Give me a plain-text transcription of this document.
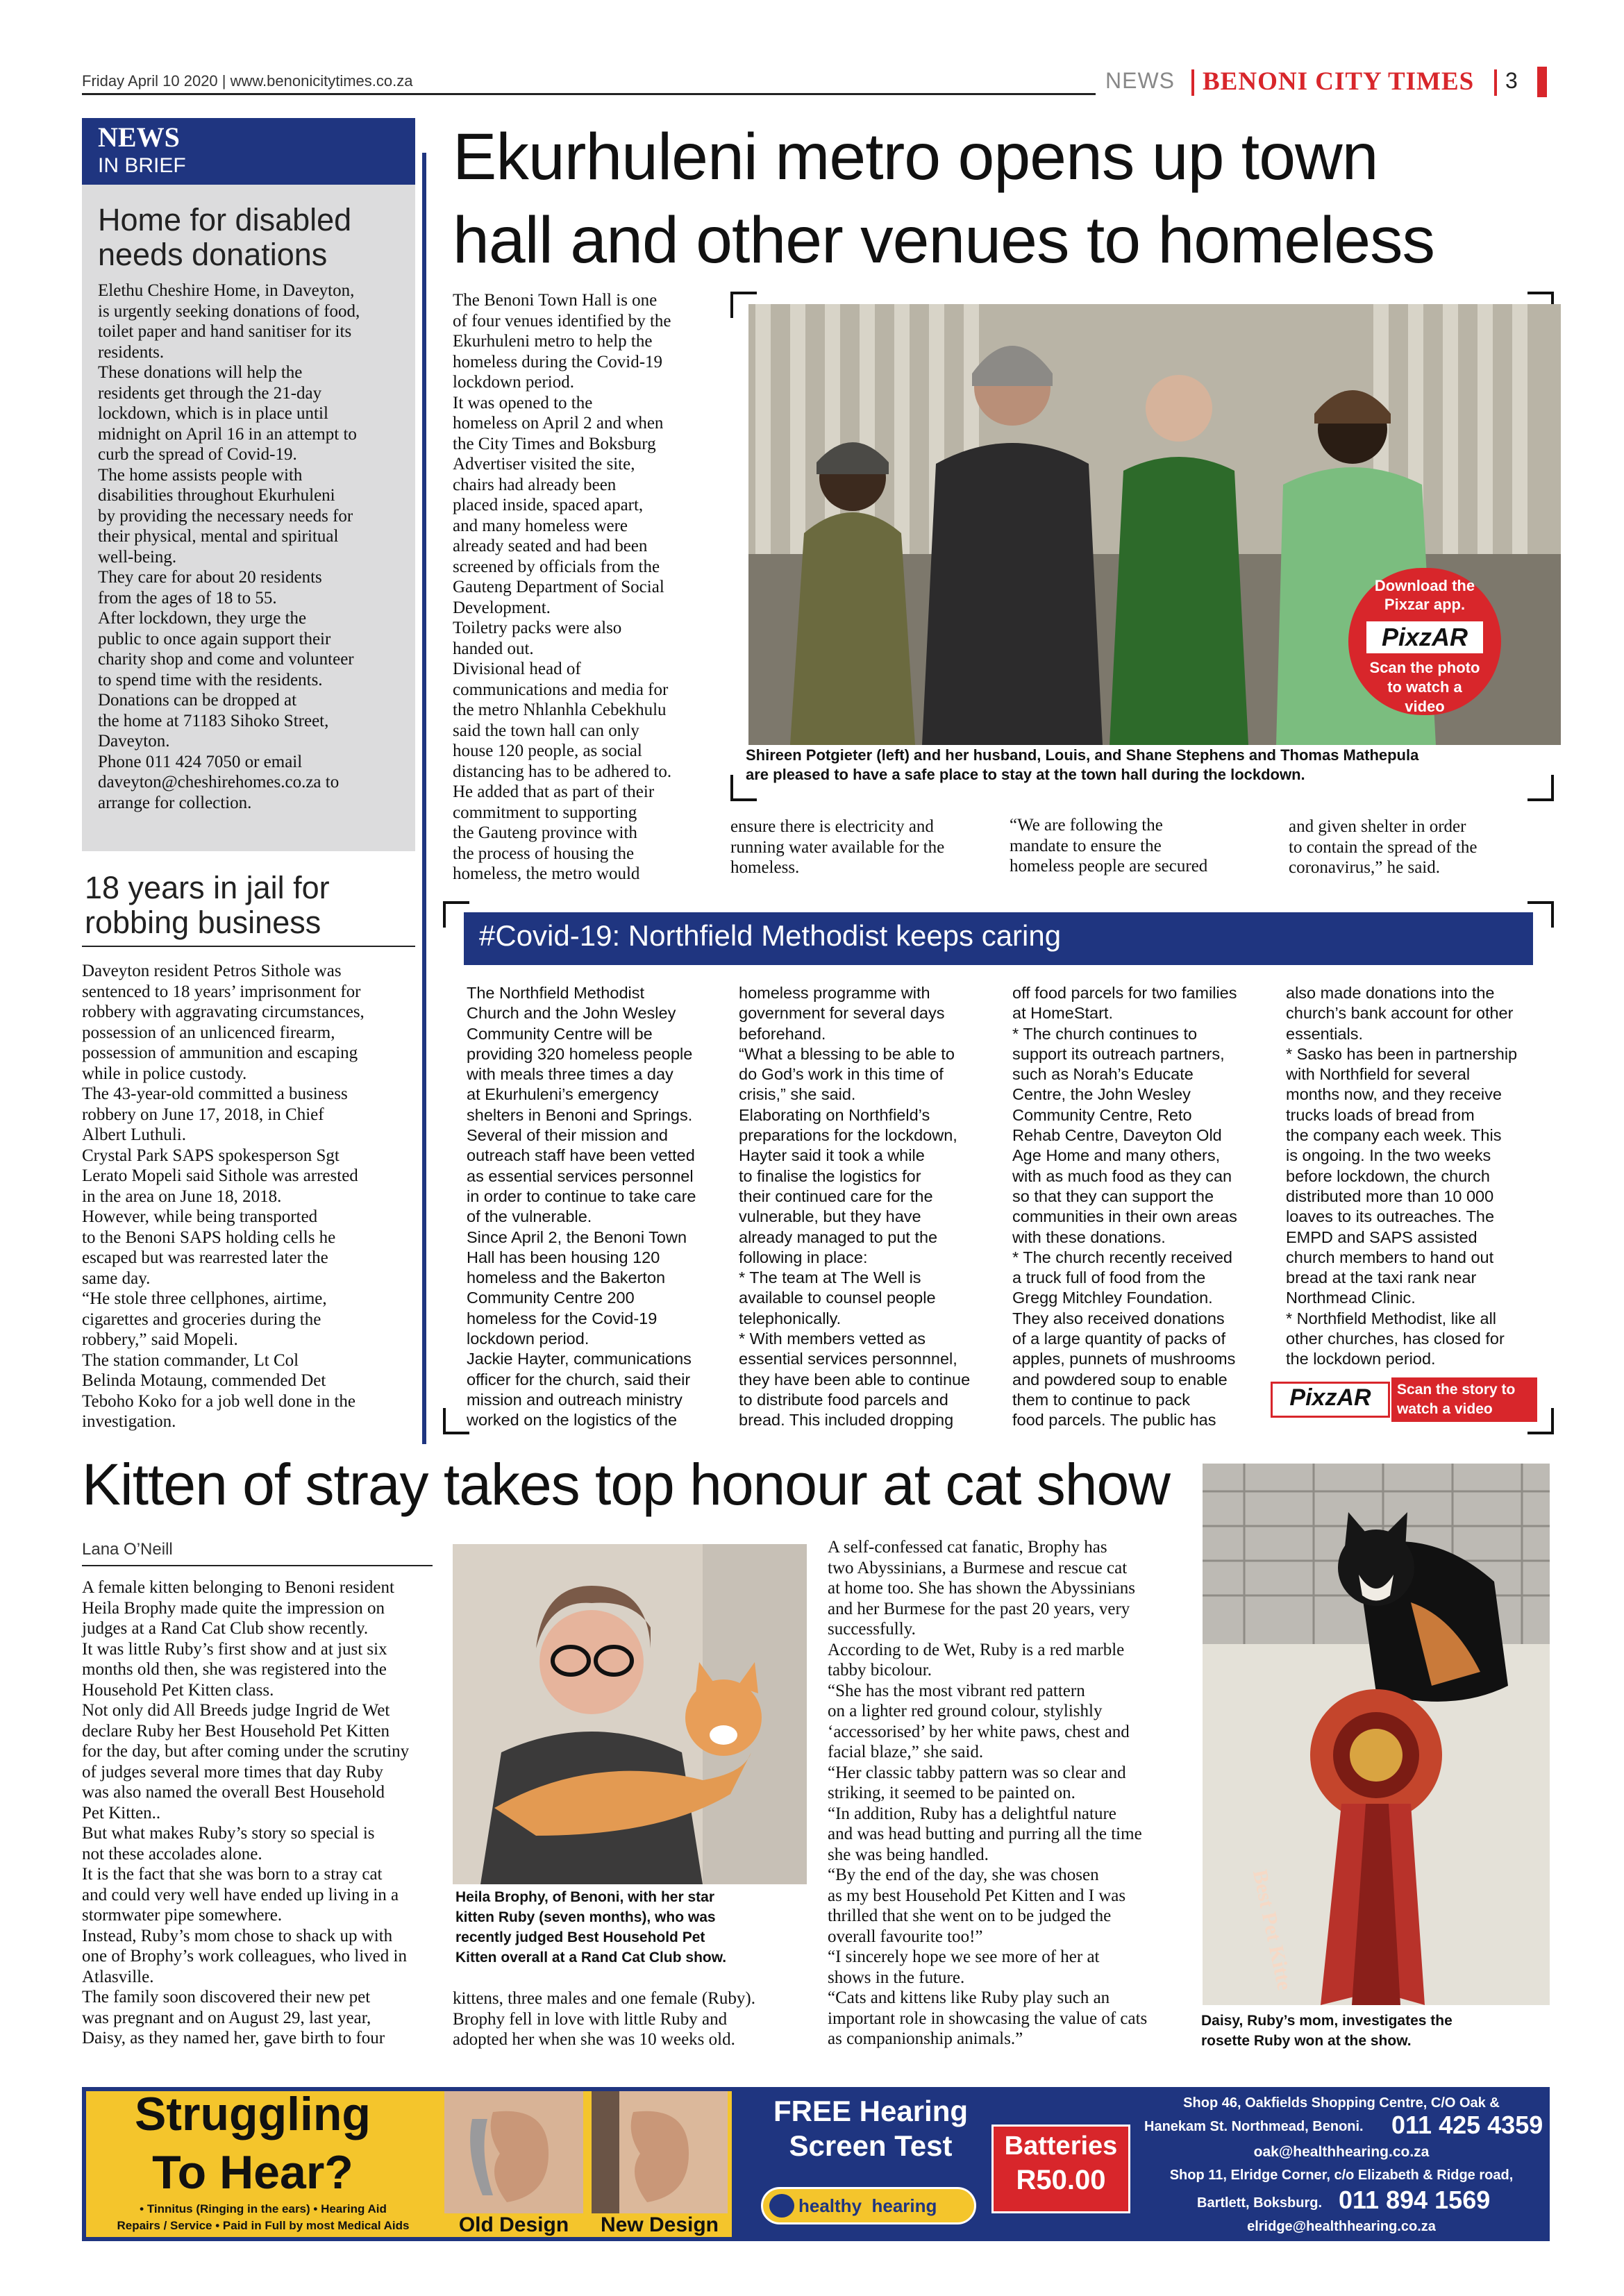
Friday April 10 2020 | www.benonicitytimes.co.za	NEWS BENONI CITY TIMES 3
NEWS
IN BRIEF
Home for disabled
needs donations
Elethu Cheshire Home, in Daveyton,
is urgently seeking donations of food,
toilet paper and hand sanitiser for its
residents.
These donations will help the
residents get through the 21-day
lockdown, which is in place until
midnight on April 16 in an attempt to
curb the spread of Covid-19.
The home assists people with
disabilities throughout Ekurhuleni
by providing the necessary needs for
their physical, mental and spiritual
well-being.
They care for about 20 residents
from the ages of 18 to 55.
After lockdown, they urge the
public to once again support their
charity shop and come and volunteer
to spend time with the residents.
Donations can be dropped at
the home at 71183 Sihoko Street,
Daveyton.
Phone 011 424 7050 or email
daveyton@cheshirehomes.co.za to
arrange for collection.
18 years in jail for
robbing business
Daveyton resident Petros Sithole was
sentenced to 18 years’ imprisonment for
robbery with aggravating circumstances,
possession of an unlicenced firearm,
possession of ammunition and escaping
while in police custody.
The 43-year-old committed a business
robbery on June 17, 2018, in Chief
Albert Luthuli.
Crystal Park SAPS spokesperson Sgt
Lerato Mopeli said Sithole was arrested
in the area on June 18, 2018.
However, while being transported
to the Benoni SAPS holding cells he
escaped but was rearrested later the
same day.
“He stole three cellphones, airtime,
cigarettes and groceries during the
robbery,” said Mopeli.
The station commander, Lt Col
Belinda Motaung, commended Det
Teboho Koko for a job well done in the
investigation.
Ekurhuleni metro opens up town
hall and other venues to homeless
The Benoni Town Hall is one
of four venues identified by the
Ekurhuleni metro to help the
homeless during the Covid-19
lockdown period.
It was opened to the
homeless on April 2 and when
the City Times and Boksburg
Advertiser visited the site,
chairs had already been
placed inside, spaced apart,
and many homeless were
already seated and had been
screened by officials from the
Gauteng Department of Social
Development.
Toiletry packs were also
handed out.
Divisional head of
communications and media for
the metro Nhlanhla Cebekhulu
said the town hall can only
house 120 people, as social
distancing has to be adhered to.
He added that as part of their
commitment to supporting
the Gauteng province with
the process of housing the
homeless, the metro would
Download the
Pixzar app.
PixzAR
Scan the photo
to watch a
video
Shireen Potgieter (left) and her husband, Louis, and Shane Stephens and Thomas Mathepula
are pleased to have a safe place to stay at the town hall during the lockdown.
ensure there is electricity and
running water available for the
homeless.
“We are following the
mandate to ensure the
homeless people are secured
and given shelter in order
to contain the spread of the
coronavirus,” he said.
#Covid-19: Northfield Methodist keeps caring
The Northfield Methodist
Church and the John Wesley
Community Centre will be
providing 320 homeless people
with meals three times a day
at Ekurhuleni’s emergency
shelters in Benoni and Springs.
Several of their mission and
outreach staff have been vetted
as essential services personnel
in order to continue to take care
of the vulnerable.
Since April 2, the Benoni Town
Hall has been housing 120
homeless and the Bakerton
Community Centre 200
homeless for the Covid-19
lockdown period.
Jackie Hayter, communications
officer for the church, said their
mission and outreach ministry
worked on the logistics of the
homeless programme with
government for several days
beforehand.
“What a blessing to be able to
do God’s work in this time of
crisis,” she said.
Elaborating on Northfield’s
preparations for the lockdown,
Hayter said it took a while
to finalise the logistics for
their continued care for the
vulnerable, but they have
already managed to put the
following in place:
* The team at The Well is
available to counsel people
telephonically.
* With members vetted as
essential services personnnel,
they have been able to continue
to distribute food parcels and
bread. This included dropping
off food parcels for two families
at HomeStart.
* The church continues to
support its outreach partners,
such as Norah’s Educate
Centre, the John Wesley
Community Centre, Reto
Rehab Centre, Daveyton Old
Age Home and many others,
with as much food as they can
so that they can support the
communities in their own areas
with these donations.
* The church recently received
a truck full of food from the
Gregg Mitchley Foundation.
They also received donations
of a large quantity of packs of
apples, punnets of mushrooms
and powdered soup to enable
them to continue to pack
food parcels. The public has
also made donations into the
church’s bank account for other
essentials.
* Sasko has been in partnership
with Northfield for several
months now, and they receive
trucks loads of bread from
the company each week. This
is ongoing. In the two weeks
before lockdown, the church
distributed more than 10 000
loaves to its outreaches. The
EMPD and SAPS assisted
church members to hand out
bread at the taxi rank near
Northmead Clinic.
* Northfield Methodist, like all
other churches, has closed for
the lockdown period.
PixzAR	Scan the story to
watch a video
Kitten of stray takes top honour at cat show
Lana O’Neill
A female kitten belonging to Benoni resident
Heila Brophy made quite the impression on
judges at a Rand Cat Club show recently.
It was little Ruby’s first show and at just six
months old then, she was registered into the
Household Pet Kitten class.
Not only did All Breeds judge Ingrid de Wet
declare Ruby her Best Household Pet Kitten
for the day, but after coming under the scrutiny
of judges several more times that day Ruby
was also named the overall Best Household
Pet Kitten..
But what makes Ruby’s story so special is
not these accolades alone.
It is the fact that she was born to a stray cat
and could very well have ended up living in a
stormwater pipe somewhere.
Instead, Ruby’s mom chose to shack up with
one of Brophy’s work colleagues, who lived in
Atlasville.
The family soon discovered their new pet
was pregnant and on August 29, last year,
Daisy, as they named her, gave birth to four
Heila Brophy, of Benoni, with her star
kitten Ruby (seven months), who was
recently judged Best Household Pet
Kitten overall at a Rand Cat Club show.
kittens, three males and one female (Ruby).
Brophy fell in love with little Ruby and
adopted her when she was 10 weeks old.
A self-confessed cat fanatic, Brophy has
two Abyssinians, a Burmese and rescue cat
at home too. She has shown the Abyssinians
and her Burmese for the past 20 years, very
successfully.
According to de Wet, Ruby is a red marble
tabby bicolour.
“She has the most vibrant red pattern
on a lighter red ground colour, stylishly
‘accessorised’ by her white paws, chest and
facial blaze,” she said.
“Her classic tabby pattern was so clear and
striking, it seemed to be painted on.
“In addition, Ruby has a delightful nature
and was head butting and purring all the time
she was being handled.
“By the end of the day, she was chosen
as my best Household Pet Kitten and I was
thrilled that she went on to be judged the
overall favourite too!”
“I sincerely hope we see more of her at
shows in the future.
“Cats and kittens like Ruby play such an
important role in showcasing the value of cats
as companionship animals.”
Best Pet Kitte
Daisy, Ruby’s mom, investigates the
rosette Ruby won at the show.
Struggling
To Hear?
• Tinnitus (Ringing in the ears) • Hearing Aid
Repairs / Service • Paid in Full by most Medical Aids	Old Design	New Design
FREE Hearing
Screen Test
healthy  hearing
Batteries
R50.00
Shop 46, Oakfields Shopping Centre, C/O Oak &
Hanekam St. Northmead, Benoni. 011 425 4359
oak@healthhearing.co.za
Shop 11, Elridge Corner, c/o Elizabeth & Ridge road,
Bartlett, Boksburg. 011 894 1569
elridge@healthhearing.co.za
